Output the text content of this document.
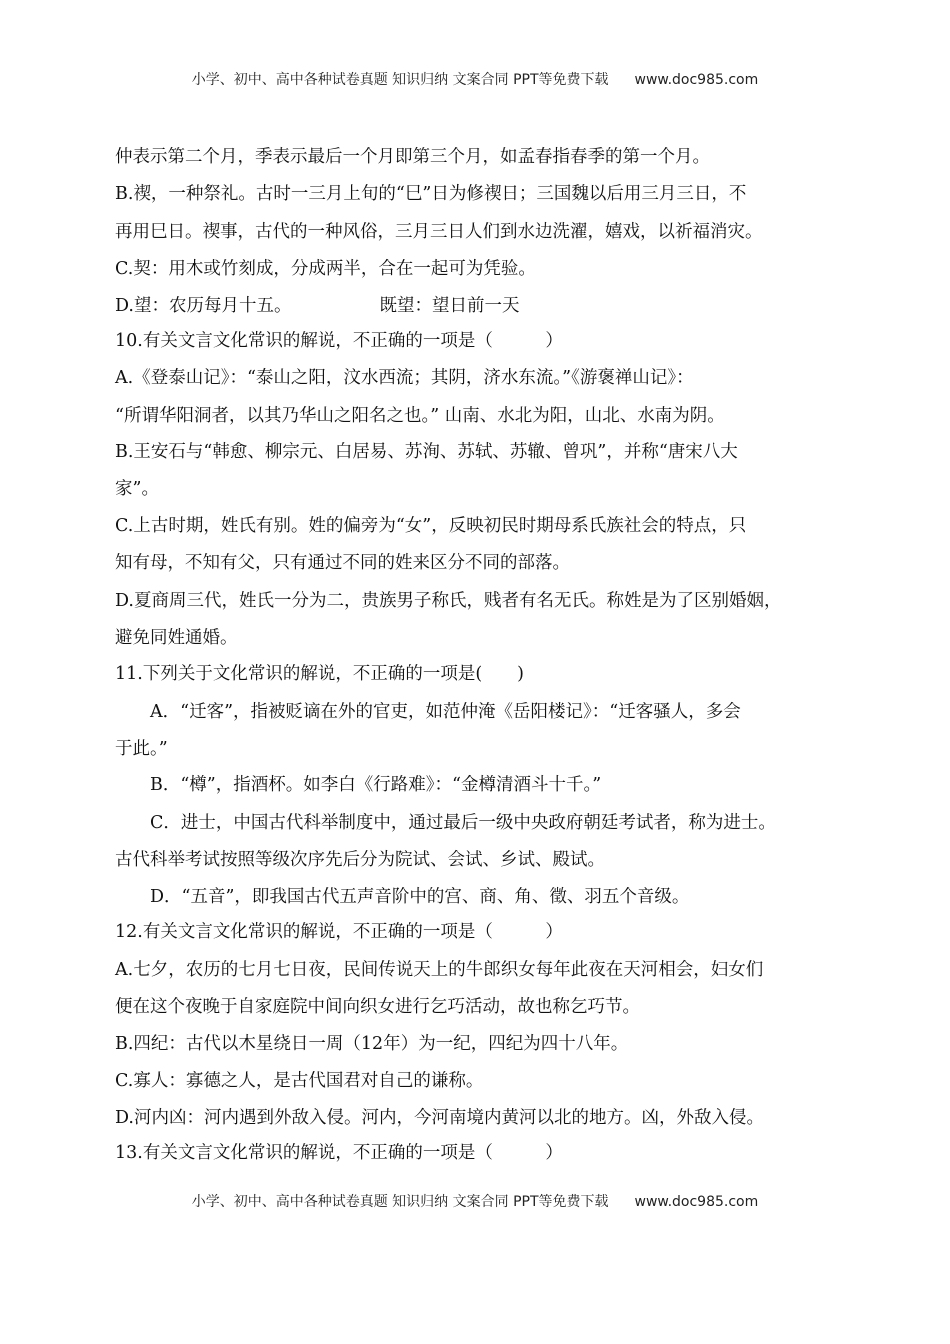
小学、初中、高中各种试卷真题 知识归纳 文案合同 PPT等免费下载 www.doc985.com
仲表示第二个月，季表示最后一个月即第三个月，如孟春指春季的第一个月。
B.禊，一种祭礼。古时一三月上旬的“巳”日为修禊日；三国魏以后用三月三日，不
再用巳日。禊事，古代的一种风俗，三月三日人们到水边洗濯，嬉戏，以祈福消灾。
C.契：用木或竹刻成，分成两半，合在一起可为凭验。
D.望：农历每月十五。	既望：望日前一天
10.有关文言文化常识的解说，不正确的一项是（　　　）
A.《登泰山记》：“泰山之阳，汶水西流；其阴，济水东流。”《游褒禅山记》：
“所谓华阳洞者，以其乃华山之阳名之也。” 山南、水北为阳，山北、水南为阴。
B.王安石与“韩愈、柳宗元、白居易、苏洵、苏轼、苏辙、曾巩”，并称“唐宋八大
家”。
C.上古时期，姓氏有别。姓的偏旁为“女”，反映初民时期母系氏族社会的特点，只
知有母，不知有父，只有通过不同的姓来区分不同的部落。
D.夏商周三代，姓氏一分为二，贵族男子称氏，贱者有名无氏。称姓是为了区别婚姻，
避免同姓通婚。
11.下列关于文化常识的解说，不正确的一项是(　　)
A．“迁客”，指被贬谪在外的官吏，如范仲淹《岳阳楼记》：“迁客骚人，多会
于此。”
B．“樽”，指酒杯。如李白《行路难》：“金樽清酒斗十千。”
C．进士，中国古代科举制度中，通过最后一级中央政府朝廷考试者，称为进士。
古代科举考试按照等级次序先后分为院试、会试、乡试、殿试。
D．“五音”，即我国古代五声音阶中的宫、商、角、徵、羽五个音级。
12.有关文言文化常识的解说，不正确的一项是（　　　）
A.七夕，农历的七月七日夜，民间传说天上的牛郎织女每年此夜在天河相会，妇女们
便在这个夜晚于自家庭院中间向织女进行乞巧活动，故也称乞巧节。
B.四纪：古代以木星绕日一周（12年）为一纪，四纪为四十八年。
C.寡人：寡德之人，是古代国君对自己的谦称。
D.河内凶：河内遇到外敌入侵。河内，今河南境内黄河以北的地方。凶，外敌入侵。
13.有关文言文化常识的解说，不正确的一项是（　　　）
小学、初中、高中各种试卷真题 知识归纳 文案合同 PPT等免费下载 www.doc985.com
